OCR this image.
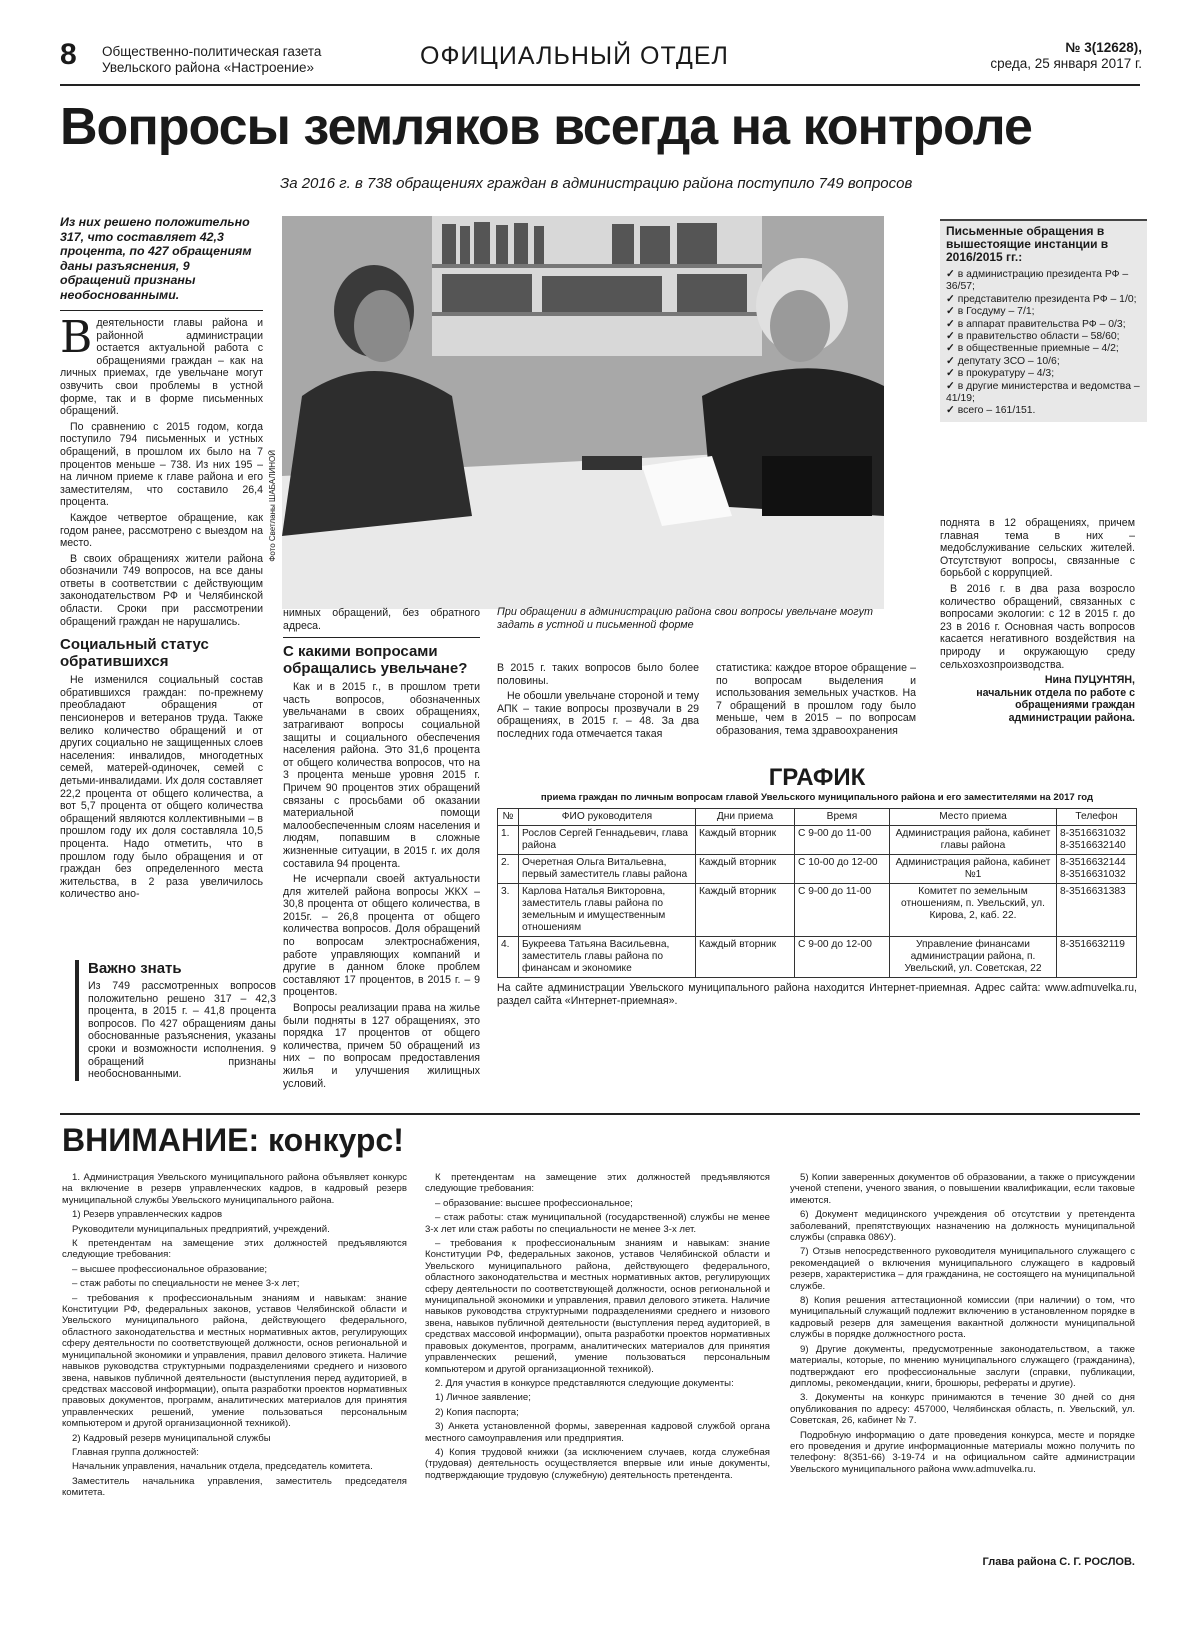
8 Общественно-политическая газета
Увельского района «Настроение»	ОФИЦИАЛЬНЫЙ ОТДЕЛ	№ 3(12628),
среда, 25 января 2017 г.
Вопросы земляков всегда на контроле
За 2016 г. в 738 обращениях граждан в администрацию района поступило 749 вопросов
Из них решено положительно 317, что составляет 42,3 процента, по 427 обращениям даны разъяснения, 9 обращений признаны необоснованными.
В деятельности главы района и районной администрации остается актуальной работа с обращениями граждан – как на личных приемах, где увельчане могут озвучить свои проблемы в устной форме, так и в форме письменных обращений.

По сравнению с 2015 годом, когда поступило 794 письменных и устных обращений, в прошлом их было на 7 процентов меньше – 738. Из них 195 – на личном приеме к главе района и его заместителям, что составило 26,4 процента.

Каждое четвертое обращение, как годом ранее, рассмотрено с выездом на место.

В своих обращениях жители района обозначили 749 вопросов, на все даны ответы в соответствии с действующим законодательством РФ и Челябинской области. Сроки при рассмотрении обращений граждан не нарушались.

Социальный статус обратившихся

Не изменился социальный состав обратившихся граждан: по-прежнему преобладают обращения от пенсионеров и ветеранов труда. Также велико количество обращений и от других социально не защищенных слоев населения: инвалидов, многодетных семей, матерей-одиночек, семей с детьми-инвалидами. Их доля составляет 22,2 процента от общего количества, а вот 5,7 процента от общего количества обращений являются коллективными – в прошлом году их доля составляла 10,5 процента. Надо отметить, что в прошлом году было обращения и от граждан без определенного места жительства, в 2 раза увеличилось количество ано-

Важно знать
Из 749 рассмотренных вопросов положительно решено 317 – 42,3 процента, в 2015 г. – 41,8 процента вопросов. По 427 обращениям даны обоснованные разъяснения, указаны сроки и возможности исполнения. 9 обращений признаны необоснованными.
Фото Светланы ШАБАЛИНОЙ
нимных обращений, без обратного адреса.
С какими вопросами обращались увельчане?

Как и в 2015 г., в прошлом трети часть вопросов, обозначенных увельчанами в своих обращениях, затрагивают вопросы социальной защиты и социального обеспечения населения района. Это 31,6 процента от общего количества вопросов, что на 3 процента меньше уровня 2015 г. Причем 90 процентов этих обращений связаны с просьбами об оказании материальной помощи малообеспеченным слоям населения и людям, попавшим в сложные жизненные ситуации, в 2015 г. их доля составила 94 процента.

Не исчерпали своей актуальности для жителей района вопросы ЖКХ – 30,8 процента от общего количества, в 2015г. – 26,8 процента от общего количества вопросов. Доля обращений по вопросам электроснабжения, работе управляющих компаний и другие в данном блоке проблем составляют 17 процентов, в 2015 г. – 9 процентов.

Вопросы реализации права на жилье были подняты в 127 обращениях, это порядка 17 процентов от общего количества, причем 50 обращений из них – по вопросам предоставления жилья и улучшения жилищных условий.

При обращении в администрацию района свои вопросы увельчане могут задать в устной и письменной форме

В 2015 г. таких вопросов было более половины.

Не обошли увельчане стороной и тему АПК – такие вопросы прозвучали в 29 обращениях, в 2015 г. – 48. За два последних года отмечается такая

статистика: каждое второе обращение – по вопросам выделения и использования земельных участков. На 7 обращений в прошлом году было меньше, чем в 2015 – по вопросам образования, тема здравоохранения

Письменные обращения в вышестоящие инстанции в 2016/2015 гг.:
✓ в администрацию президента РФ – 36/57;
✓ представителю президента РФ – 1/0;
✓ в Госдуму – 7/1;
✓ в аппарат правительства РФ – 0/3;
✓ в правительство области – 58/60;
✓ в общественные приемные – 4/2;
✓ депутату ЗСО – 10/6;
✓ в прокуратуру – 4/3;
✓ в другие министерства и ведомства – 41/19;
✓ всего – 161/151.

поднята в 12 обращениях, причем главная тема в них – медобслуживание сельских жителей. Отсутствуют вопросы, связанные с борьбой с коррупцией.

В 2016 г. в два раза возросло количество обращений, связанных с вопросами экологии: с 12 в 2015 г. до 23 в 2016 г. Основная часть вопросов касается негативного воздействия на природу и окружающую среду сельхозхозпроизводства.

Нина ПУЦУНТЯН,
начальник отдела по работе с обращениями граждан администрации района.
ГРАФИК
приема граждан по личным вопросам главой Увельского муниципального района и его заместителями на 2017 год
№	ФИО руководителя	Дни приема	Время	Место приема	Телефон
1.	Рослов Сергей Геннадьевич, глава района	Каждый вторник	С 9-00 до 11-00	Администрация района, кабинет главы района	8-3516631032 8-3516632140
2.	Очеретная Ольга Витальевна, первый заместитель главы района	Каждый вторник	С 10-00 до 12-00	Администрация района, кабинет №1	8-3516632144 8-3516631032
3.	Карлова Наталья Викторовна, заместитель главы района по земельным и имущественным отношениям	Каждый вторник	С 9-00 до 11-00	Комитет по земельным отношениям, п. Увельский, ул. Кирова, 2, каб. 22.	8-3516631383
4.	Букреева Татьяна Васильевна, заместитель главы района по финансам и экономике	Каждый вторник	С 9-00 до 12-00	Управление финансами администрации района, п. Увельский, ул. Советская, 22	8-3516632119
На сайте администрации Увельского муниципального района находится Интернет-приемная. Адрес сайта: www.admuvelka.ru, раздел сайта «Интернет-приемная».
ВНИМАНИЕ: конкурс!

1. Администрация Увельского муниципального района объявляет конкурс на включение в резерв управленческих кадров, в кадровый резерв муниципальной службы Увельского муниципального района.

1) Резерв управленческих кадров

Руководители муниципальных предприятий, учреждений.

К претендентам на замещение этих должностей предъявляются следующие требования:

– высшее профессиональное образование;

– стаж работы по специальности не менее 3-х лет;

– требования к профессиональным знаниям и навыкам: знание Конституции РФ, федеральных законов, уставов Челябинской области и Увельского муниципального района, действующего федерального, областного законодательства и местных нормативных актов, регулирующих сферу деятельности по соответствующей должности, основ региональной и муниципальной экономики и управления, правил делового этикета. Наличие навыков руководства структурными подразделениями среднего и низового звена, навыков публичной деятельности (выступления перед аудиторией, в средствах массовой информации), опыта разработки проектов нормативных правовых документов, программ, аналитических материалов для принятия управленческих решений, умение пользоваться персональным компьютером и другой организационной техникой).

2) Кадровый резерв муниципальной службы

Главная группа должностей:

Начальник управления, начальник отдела, председатель комитета.

Заместитель начальника управления, заместитель председателя комитета.

К претендентам на замещение этих должностей предъявляются следующие требования:

– образование: высшее профессиональное;

– стаж работы: стаж муниципальной (государственной) службы не менее 3-х лет или стаж работы по специальности не менее 3-х лет.

– требования к профессиональным знаниям и навыкам: знание Конституции РФ, федеральных законов, уставов Челябинской области и Увельского муниципального района, действующего федерального, областного законодательства и местных нормативных актов, регулирующих сферу деятельности по соответствующей должности, основ региональной и муниципальной экономики и управления, правил делового этикета. Наличие навыков руководства структурными подразделениями среднего и низового звена, навыков публичной деятельности (выступления перед аудиторией, в средствах массовой информации), опыта разработки проектов нормативных правовых документов, программ, аналитических материалов для принятия управленческих решений, умение пользоваться персональным компьютером и другой организационной техникой).

2. Для участия в конкурсе представляются следующие документы:

1) Личное заявление;

2) Копия паспорта;

3) Анкета установленной формы, заверенная кадровой службой органа местного самоуправления или предприятия.

4) Копия трудовой книжки (за исключением случаев, когда служебная (трудовая) деятельность осуществляется впервые или иные документы, подтверждающие трудовую (служебную) деятельность претендента.

5) Копии заверенных документов об образовании, а также о присуждении ученой степени, ученого звания, о повышении квалификации, если таковые имеются.

6) Документ медицинского учреждения об отсутствии у претендента заболеваний, препятствующих назначению на должность муниципальной службы (справка 086У).

7) Отзыв непосредственного руководителя муниципального служащего с рекомендацией о включения муниципального служащего в кадровый резерв, характеристика – для гражданина, не состоящего на муниципальной службе.

8) Копия решения аттестационной комиссии (при наличии) о том, что муниципальный служащий подлежит включению в установленном порядке в кадровый резерв для замещения вакантной должности муниципальной службы в порядке должностного роста.

9) Другие документы, предусмотренные законодательством, а также материалы, которые, по мнению муниципального служащего (гражданина), подтверждают его профессиональные заслуги (справки, публикации, дипломы, рекомендации, книги, брошюры, рефераты и другие).

3. Документы на конкурс принимаются в течение 30 дней со дня опубликования по адресу: 457000, Челябинская область, п. Увельский, ул. Советская, 26, кабинет № 7.

Подробную информацию о дате проведения конкурса, месте и порядке его проведения и другие информационные материалы можно получить по телефону: 8(351-66) 3-19-74 и на официальном сайте администрации Увельского муниципального района www.admuvelka.ru.

Глава района С. Г. РОСЛОВ.
